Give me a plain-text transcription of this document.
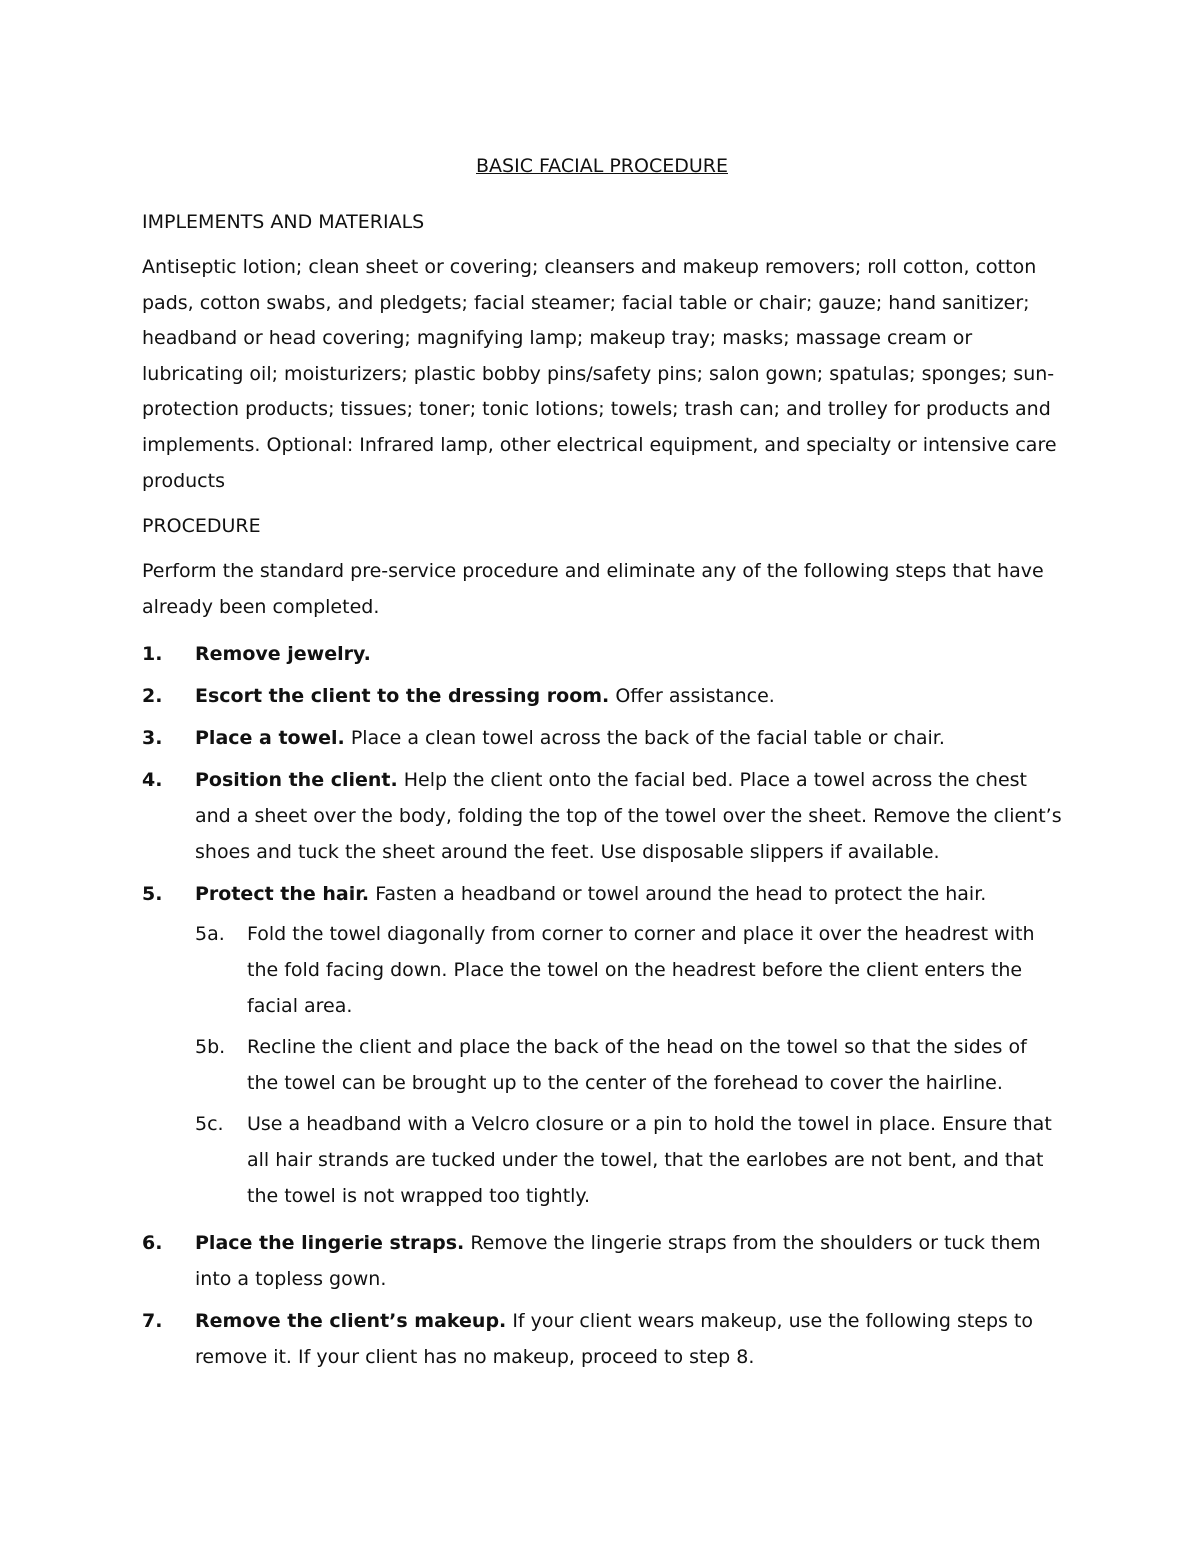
BASIC FACIAL PROCEDURE
IMPLEMENTS AND MATERIALS

Antiseptic lotion; clean sheet or covering; cleansers and makeup removers; roll cotton, cotton pads, cotton swabs, and pledgets; facial steamer; facial table or chair; gauze; hand sanitizer; headband or head covering; magnifying lamp; makeup tray; masks; massage cream or lubricating oil; moisturizers; plastic bobby pins/safety pins; salon gown; spatulas; sponges; sun-protection products; tissues; toner; tonic lotions; towels; trash can; and trolley for products and implements. Optional: Infrared lamp, other electrical equipment, and specialty or intensive care products

PROCEDURE

Perform the standard pre-service procedure and eliminate any of the following steps that have already been completed.

1.	Remove jewelry.
2.	Escort the client to the dressing room. Offer assistance.
3.	Place a towel. Place a clean towel across the back of the facial table or chair.
4.	Position the client. Help the client onto the facial bed. Place a towel across the chest and a sheet over the body, folding the top of the towel over the sheet. Remove the client’s shoes and tuck the sheet around the feet. Use disposable slippers if available.
5.	Protect the hair. Fasten a headband or towel around the head to protect the hair.
5a.	Fold the towel diagonally from corner to corner and place it over the headrest with the fold facing down. Place the towel on the headrest before the client enters the facial area.
5b.	Recline the client and place the back of the head on the towel so that the sides of the towel can be brought up to the center of the forehead to cover the hairline.
5c.	Use a headband with a Velcro closure or a pin to hold the towel in place. Ensure that all hair strands are tucked under the towel, that the earlobes are not bent, and that the towel is not wrapped too tightly.
6.	Place the lingerie straps. Remove the lingerie straps from the shoulders or tuck them into a topless gown.
7.	Remove the client’s makeup. If your client wears makeup, use the following steps to remove it. If your client has no makeup, proceed to step 8.
